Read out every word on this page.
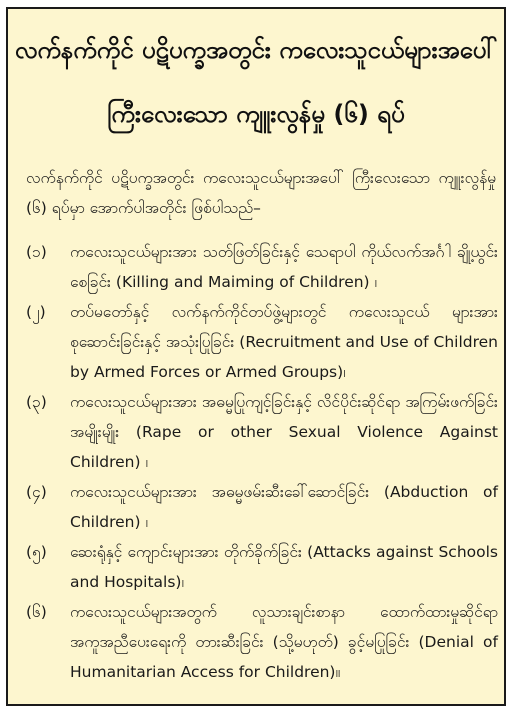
လက်နက်ကိုင် ပဋိပက္ခအတွင်း ကလေးသူငယ်များအပေါ်
ကြီးလေးသော ကျူးလွန်မှု (၆) ရပ်
လက်နက်ကိုင် ပဋိပက္ခအတွင်း ကလေးသူငယ်များအပေါ် ကြီးလေးသော ကျူးလွန်မှု (၆) ရပ်မှာ အောက်ပါအတိုင်း ဖြစ်ပါသည်–
(၁) ကလေးသူငယ်များအား သတ်ဖြတ်ခြင်းနှင့် သေရာပါ ကိုယ်လက်အင်္ဂါ ချို့ယွင်းစေခြင်း (Killing and Maiming of Children) ၊
(၂) တပ်မတော်နှင့် လက်နက်ကိုင်တပ်ဖွဲ့များတွင် ကလေးသူငယ် များအား စုဆောင်းခြင်းနှင့် အသုံးပြုခြင်း (Recruitment and Use of Children by Armed Forces or Armed Groups)၊
(၃) ကလေးသူငယ်များအား အဓမ္မပြုကျင့်ခြင်းနှင့် လိင်ပိုင်းဆိုင်ရာ အကြမ်းဖက်ခြင်းအမျိုးမျိုး (Rape or other Sexual Violence Against Children) ၊
(၄) ကလေးသူငယ်များအား အဓမ္မဖမ်းဆီးခေါ်ဆောင်ခြင်း (Abduction of Children) ၊
(၅) ဆေးရုံနှင့် ကျောင်းများအား တိုက်ခိုက်ခြင်း (Attacks against Schools and Hospitals)၊
(၆) ကလေးသူငယ်များအတွက် လူသားချင်းစာနာ ထောက်ထားမှုဆိုင်ရာ အကူအညီပေးရေးကို တားဆီးခြင်း (သို့မဟုတ်) ခွင့်မပြုခြင်း (Denial of Humanitarian Access for Children)။
